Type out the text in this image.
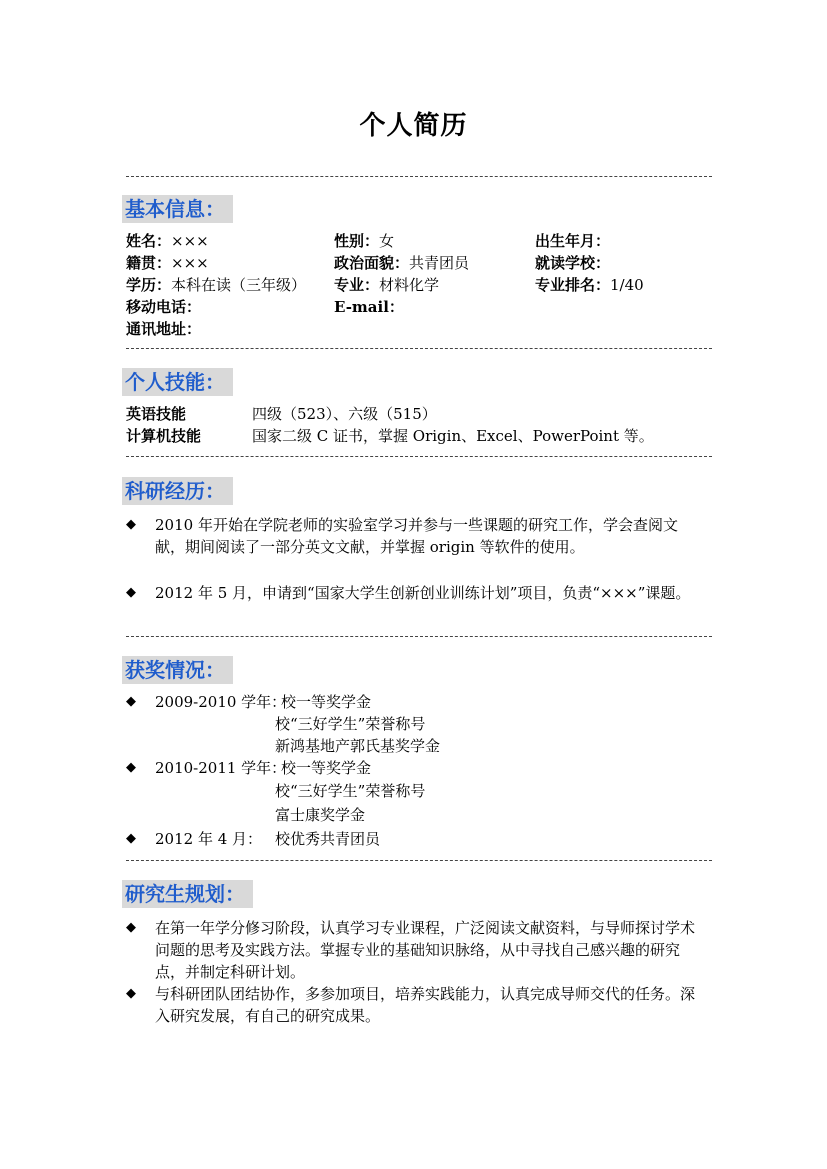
个人简历
基本信息：
姓名：×××	性别：女	出生年月：
籍贯：×××	政治面貌：共青团员	就读学校：
学历：本科在读（三年级） 专业：材料化学	专业排名：1/40
移动电话：	E-mail：
通讯地址：
个人技能：
英语技能	四级（523）、六级（515）
计算机技能	国家二级 C 证书，掌握 Origin、Excel、PowerPoint 等。
科研经历：
◆ 2010 年开始在学院老师的实验室学习并参与一些课题的研究工作，学会查阅文献，期间阅读了一部分英文文献，并掌握 origin 等软件的使用。
◆ 2012 年 5 月，申请到“国家大学生创新创业训练计划”项目，负责“×××”课题。
获奖情况：
◆ 2009-2010 学年：
校一等奖学金
校“三好学生”荣誉称号
新鸿基地产郭氏基奖学金
◆ 2010-2011 学年：
校一等奖学金
校“三好学生”荣誉称号
富士康奖学金
◆ 2012 年 4 月： 校优秀共青团员
研究生规划：
◆ 在第一年学分修习阶段，认真学习专业课程，广泛阅读文献资料，与导师探讨学术问题的思考及实践方法。掌握专业的基础知识脉络，从中寻找自己感兴趣的研究点，并制定科研计划。
◆ 与科研团队团结协作，多参加项目，培养实践能力，认真完成导师交代的任务。深入研究发展，有自己的研究成果。
